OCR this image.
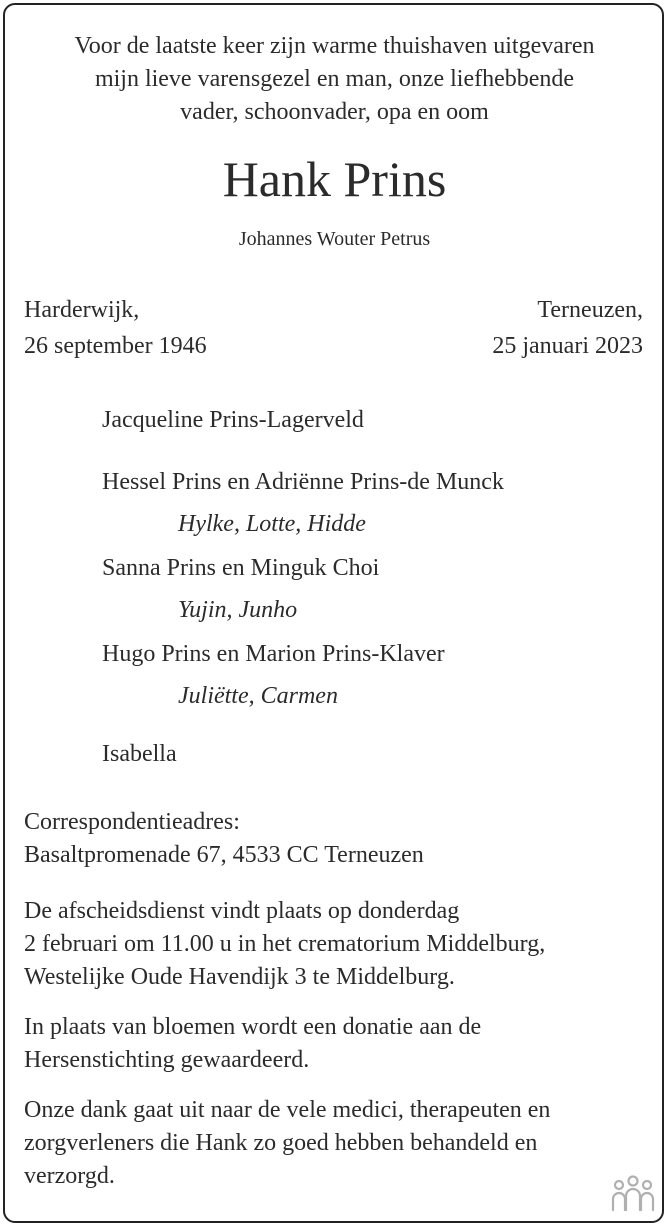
Voor de laatste keer zijn warme thuishaven uitgevaren
mijn lieve varensgezel en man, onze liefhebbende
vader, schoonvader, opa en oom
Hank Prins
Johannes Wouter Petrus
Harderwijk,
26 september 1946
Terneuzen,
25 januari 2023
Jacqueline Prins-Lagerveld
Hessel Prins en Adriënne Prins-de Munck
Hylke, Lotte, Hidde
Sanna Prins en Minguk Choi
Yujin, Junho
Hugo Prins en Marion Prins-Klaver
Juliëtte, Carmen
Isabella
Correspondentieadres:
Basaltpromenade 67, 4533 CC Terneuzen
De afscheidsdienst vindt plaats op donderdag
2 februari om 11.00 u in het crematorium Middelburg,
Westelijke Oude Havendijk 3 te Middelburg.
In plaats van bloemen wordt een donatie aan de
Hersenstichting gewaardeerd.
Onze dank gaat uit naar de vele medici, therapeuten en
zorgverleners die Hank zo goed hebben behandeld en
verzorgd.
